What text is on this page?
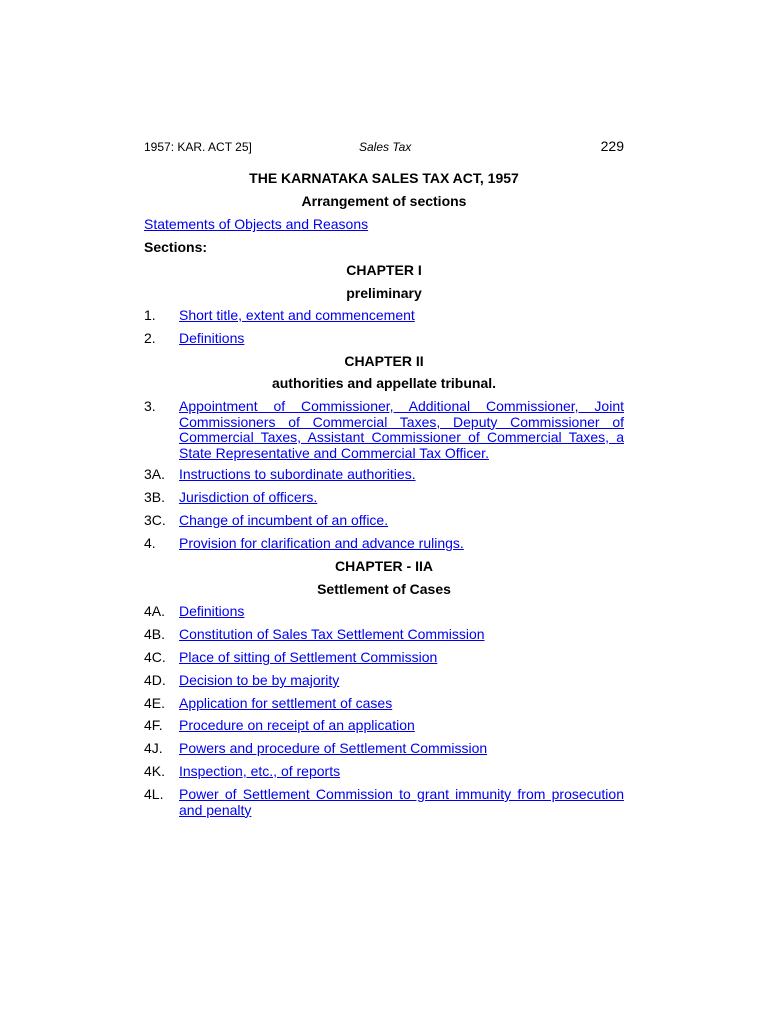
1957: KAR. ACT 25]	Sales Tax	229
THE KARNATAKA SALES TAX ACT, 1957
Arrangement of sections
Statements of Objects and Reasons
Sections:
CHAPTER I
preliminary
1.	Short title, extent and commencement
2.	Definitions
CHAPTER II
authorities and appellate tribunal.
3.	Appointment of Commissioner, Additional Commissioner, Joint Commissioners of Commercial Taxes, Deputy Commissioner of Commercial Taxes, Assistant Commissioner of Commercial Taxes, a State Representative and Commercial Tax Officer.
3A. Instructions to subordinate authorities.
3B. Jurisdiction of officers.
3C. Change of incumbent of an office.
4.	Provision for clarification and advance rulings.
CHAPTER - IIA
Settlement of Cases
4A. Definitions
4B. Constitution of Sales Tax Settlement Commission
4C. Place of sitting of Settlement Commission
4D. Decision to be by majority
4E. Application for settlement of cases
4F.	Procedure on receipt of an application
4J.	Powers and procedure of Settlement Commission
4K. Inspection, etc., of reports
4L.	Power of Settlement Commission to grant immunity from prosecution and penalty
